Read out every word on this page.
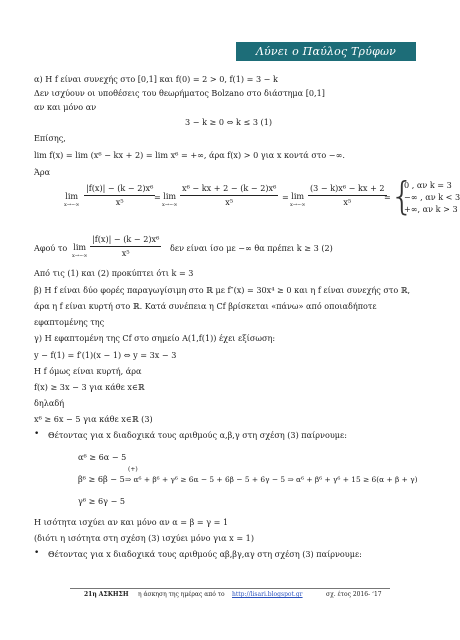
Λύνει ο Παύλος Τρύφων
α) Η f είναι συνεχής στο [0,1] και f(0) = 2 > 0, f(1) = 3 − k
Δεν ισχύουν οι υποθέσεις του θεωρήματος Bolzano στο διάστημα [0,1]
αν και μόνο αν
3 − k ≥ 0 ⇔ k ≤ 3 (1)
Επίσης,
lim f(x) = lim (x⁶ − kx + 2) = lim x⁶ = +∞, άρα f(x) > 0 για x κοντά στο −∞.
Άρα
lim
$x\to-\infty \frac{\text{|f(x)| − (k − 2)x⁶}}{\text{x⁵}}$
= lim
$x\to-\infty \frac{\text{x⁶ − kx + 2 − (k − 2)x⁶}}{\text{x⁵}} = \lim$
$x\to-\infty \frac{\text{(3 − k)x⁶ − kx + 2}}{\text{x⁵}}$
= {
0 , αν k = 3
−∞ , αν k < 3
+∞, αν k > 3
Αφού το lim
$x\to-\infty \frac{\text{|f(x)| − (k − 2)x⁶}}{\text{x⁵}}$ δεν είναι ίσο με −∞ θα πρέπει k ≥ 3 (2)
Από τις (1) και (2) προκύπτει ότι k = 3
β) Η f είναι δύο φορές παραγωγίσιμη στο ℝ με f″(x) = 30x⁴ ≥ 0 και η f είναι συνεχής στο ℝ,
άρα η f είναι κυρτή στο ℝ. Κατά συνέπεια η Cf βρίσκεται «πάνω» από οποιαδήποτε
εφαπτομένης της
γ) Η εφαπτομένη της Cf στο σημείο A(1,f(1)) έχει εξίσωση:
y − f(1) = f′(1)(x − 1) ⇔ y = 3x − 3
Η f όμως είναι κυρτή, άρα
f(x) ≥ 3x − 3 για κάθε x∈ℝ
δηλαδή
x⁶ ≥ 6x − 5 για κάθε x∈ℝ (3)
• Θέτοντας για x διαδοχικά τους αριθμούς α,β,γ στη σχέση (3) παίρνουμε:
α⁶ ≥ 6α − 5
(+)
β⁶ ≥ 6β − 5 ⇒ α⁶ + β⁶ + γ⁶ ≥ 6α − 5 + 6β − 5 + 6γ − 5 ⇒ α⁶ + β⁶ + γ⁶ + 15 ≥ 6(α + β + γ)
γ⁶ ≥ 6γ − 5
Η ισότητα ισχύει αν και μόνο αν α = β = γ = 1
(διότι η ισότητα στη σχέση (3) ισχύει μόνο για x = 1)
• Θέτοντας για x διαδοχικά τους αριθμούς αβ,βγ,αγ στη σχέση (3) παίρνουμε:
21η ΑΣΚΗΣΗ η άσκηση της ημέρας από το http://lisari.blogspot.gr	σχ. έτος 2016- ‘17
